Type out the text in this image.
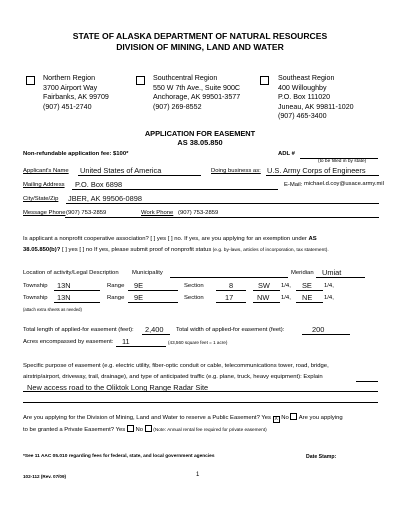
STATE OF ALASKA DEPARTMENT OF NATURAL RESOURCES
DIVISION OF MINING, LAND AND WATER
Northern Region
3700 Airport Way
Fairbanks, AK 99709
(907) 451-2740
Southcentral Region
550 W 7th Ave., Suite 900C
Anchorage, AK 99501-3577
(907) 269-8552
Southeast Region
400 Willoughby
P.O. Box 111020
Juneau, AK 99811-1020
(907) 465-3400
APPLICATION FOR EASEMENT
AS 38.05.850
Non-refundable application fee: $100*	ADL #
(to be filled in by state)
Applicant's Name United States of America	Doing business as: U.S. Army Corps of Engineers
Mailing Address P.O. Box 6898	E-Mail: michael.d.coy@usace.army.mil
City/State/Zip JBER, AK 99506-0898
Message Phone (907) 753-2859	Work Phone (907) 753-2859
Is applicant a nonprofit cooperative association? [ ] yes [ ] no. If yes, are you applying for an exemption under AS
38.05.850(b)? [ ] yes [ ] no If yes, please submit proof of nonprofit status (e.g. by-laws, articles of incorporation, tax statement).
Location of activity/Legal Description Municipality	Meridian Umiat
Township 13N	Range 9E	Section	8	SW 1/4, SE 1/4,
Township 13N	Range 9E	Section	17	NW 1/4, NE 1/4,
(attach extra sheets as needed)
Total length of applied-for easement (feet): 2,400 Total width of applied-for easement (feet):	200
Acres encompassed by easement: 11	(43,560 square feet = 1 acre)
Specific purpose of easement (e.g. electric utility, fiber-optic conduit or cable, telecommunications tower, road, bridge,
airstrip/airport, driveway, trail, drainage), and type of anticipated traffic (e.g. plane, truck, heavy equipment): Explain
New access road to the Oliktok Long Range Radar Site
Are you applying for the Division of Mining, Land and Water to reserve a Public Easement? Yes X No Are you applying
to be granted a Private Easement? Yes No (Note: Annual rental fee required for private easement)
*See 11 AAC 05.010 regarding fees for federal, state, and local government agencies	Date Stamp:
102-112 (Rev. 07/09)	1
